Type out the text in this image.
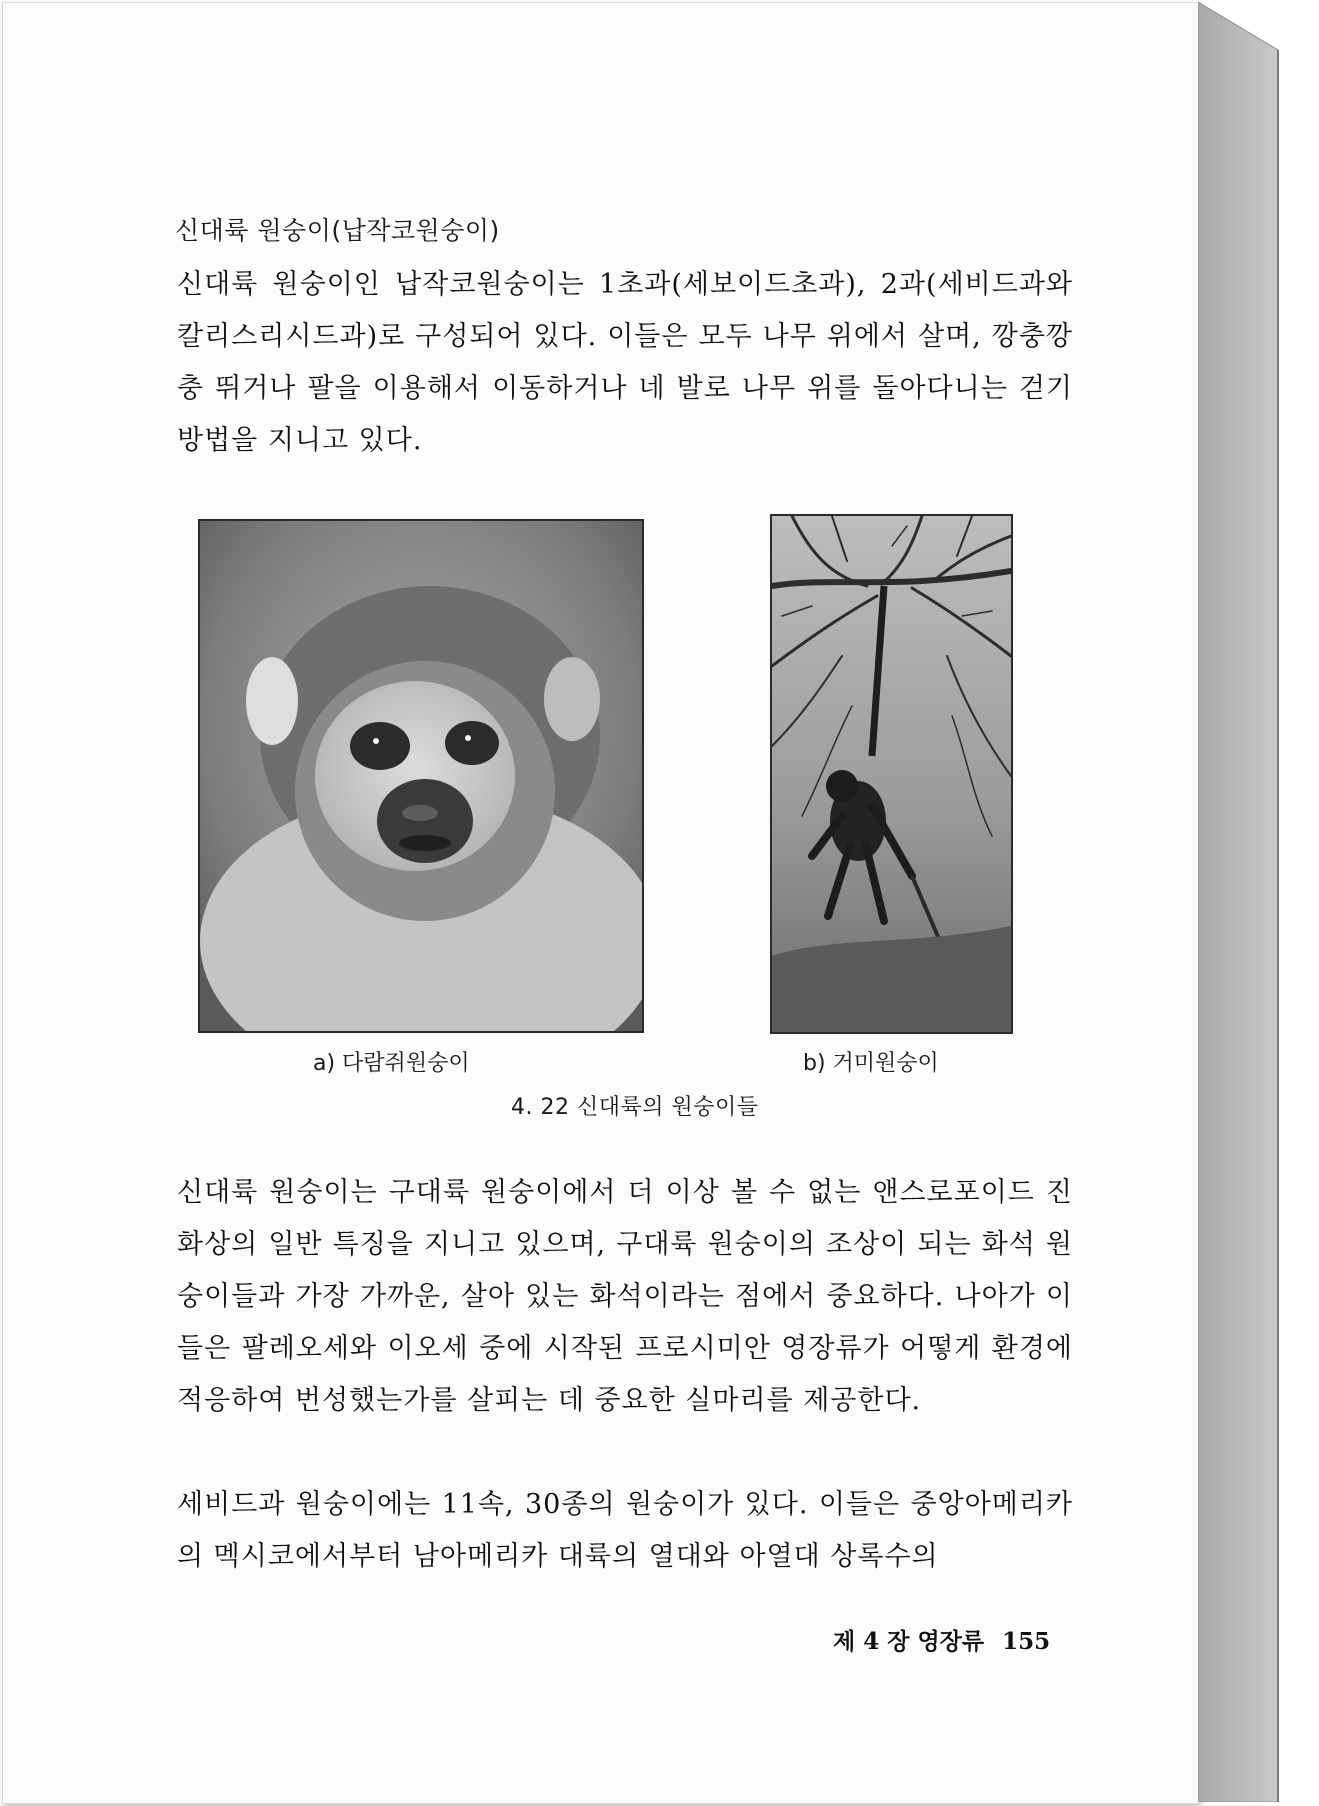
신대륙 원숭이(납작코원숭이)
신대륙 원숭이인 납작코원숭이는 1초과(세보이드초과), 2과(세비드과와 칼리스리시드과)로 구성되어 있다. 이들은 모두 나무 위에서 살며, 깡충깡충 뛰거나 팔을 이용해서 이동하거나 네 발로 나무 위를 돌아다니는 걷기 방법을 지니고 있다.
a) 다람쥐원숭이	b) 거미원숭이
4. 22 신대륙의 원숭이들
신대륙 원숭이는 구대륙 원숭이에서 더 이상 볼 수 없는 앤스로포이드 진화상의 일반 특징을 지니고 있으며, 구대륙 원숭이의 조상이 되는 화석 원숭이들과 가장 가까운, 살아 있는 화석이라는 점에서 중요하다. 나아가 이들은 팔레오세와 이오세 중에 시작된 프로시미안 영장류가 어떻게 환경에 적응하여 번성했는가를 살피는 데 중요한 실마리를 제공한다.
세비드과 원숭이에는 11속, 30종의 원숭이가 있다. 이들은 중앙아메리카의 멕시코에서부터 남아메리카 대륙의 열대와 아열대 상록수의
제 4 장 영장류 155
